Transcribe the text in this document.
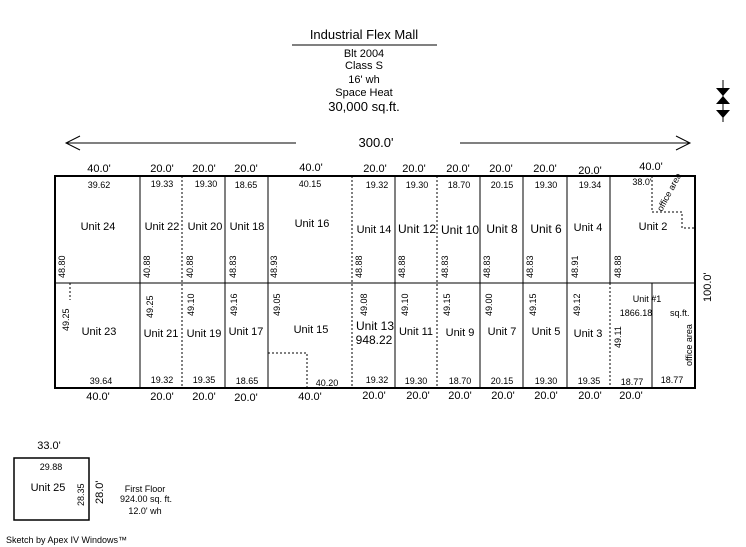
Industrial Flex Mall
Blt 2004
Class S
16' wh
Space Heat
30,000 sq.ft.
300.0'
40.0'	20.0' 20.0' 20.0'	40.0'	20.0' 20.0' 20.0' 20.0' 20.0' 20.0'	40.0'
39.62	19.33 19.30 18.65	40.15	19.32 19.30 18.70 20.15 19.30 19.34	38.0'
Unit 24	Unit 22 Unit 20 Unit 18	Unit 16 Unit 14 Unit 12 Unit 10 Unit 8 Unit 6 Unit 4	Unit 2
office area
48.80	40.88	40.88	48.83	48.93	48.88	48.88	48.83	48.83	48.83	48.91	48.88
49.25
49.25	49.10	49.16	49.05	49.08	49.10	49.15	49.00	49.15	49.12
49.11
Unit 23 Unit 21 Unit 19 Unit 17	Unit 15 Unit 13
948.22
Unit 11 Unit 9 Unit 7 Unit 5 Unit 3
Unit #1
1866.18 sq.ft.
office area
100.0'
39.64	19.32 19.35 18.65	40.20	19.32 19.30 18.70 20.15 19.30 19.35 18.77 18.77
40.0'	20.0' 20.0' 20.0'	40.0'	20.0' 20.0' 20.0' 20.0' 20.0' 20.0' 20.0'
33.0'
29.88
Unit 25 28.35 28.0' First Floor
924.00 sq. ft.
12.0' wh
Sketch by Apex IV Windows™
